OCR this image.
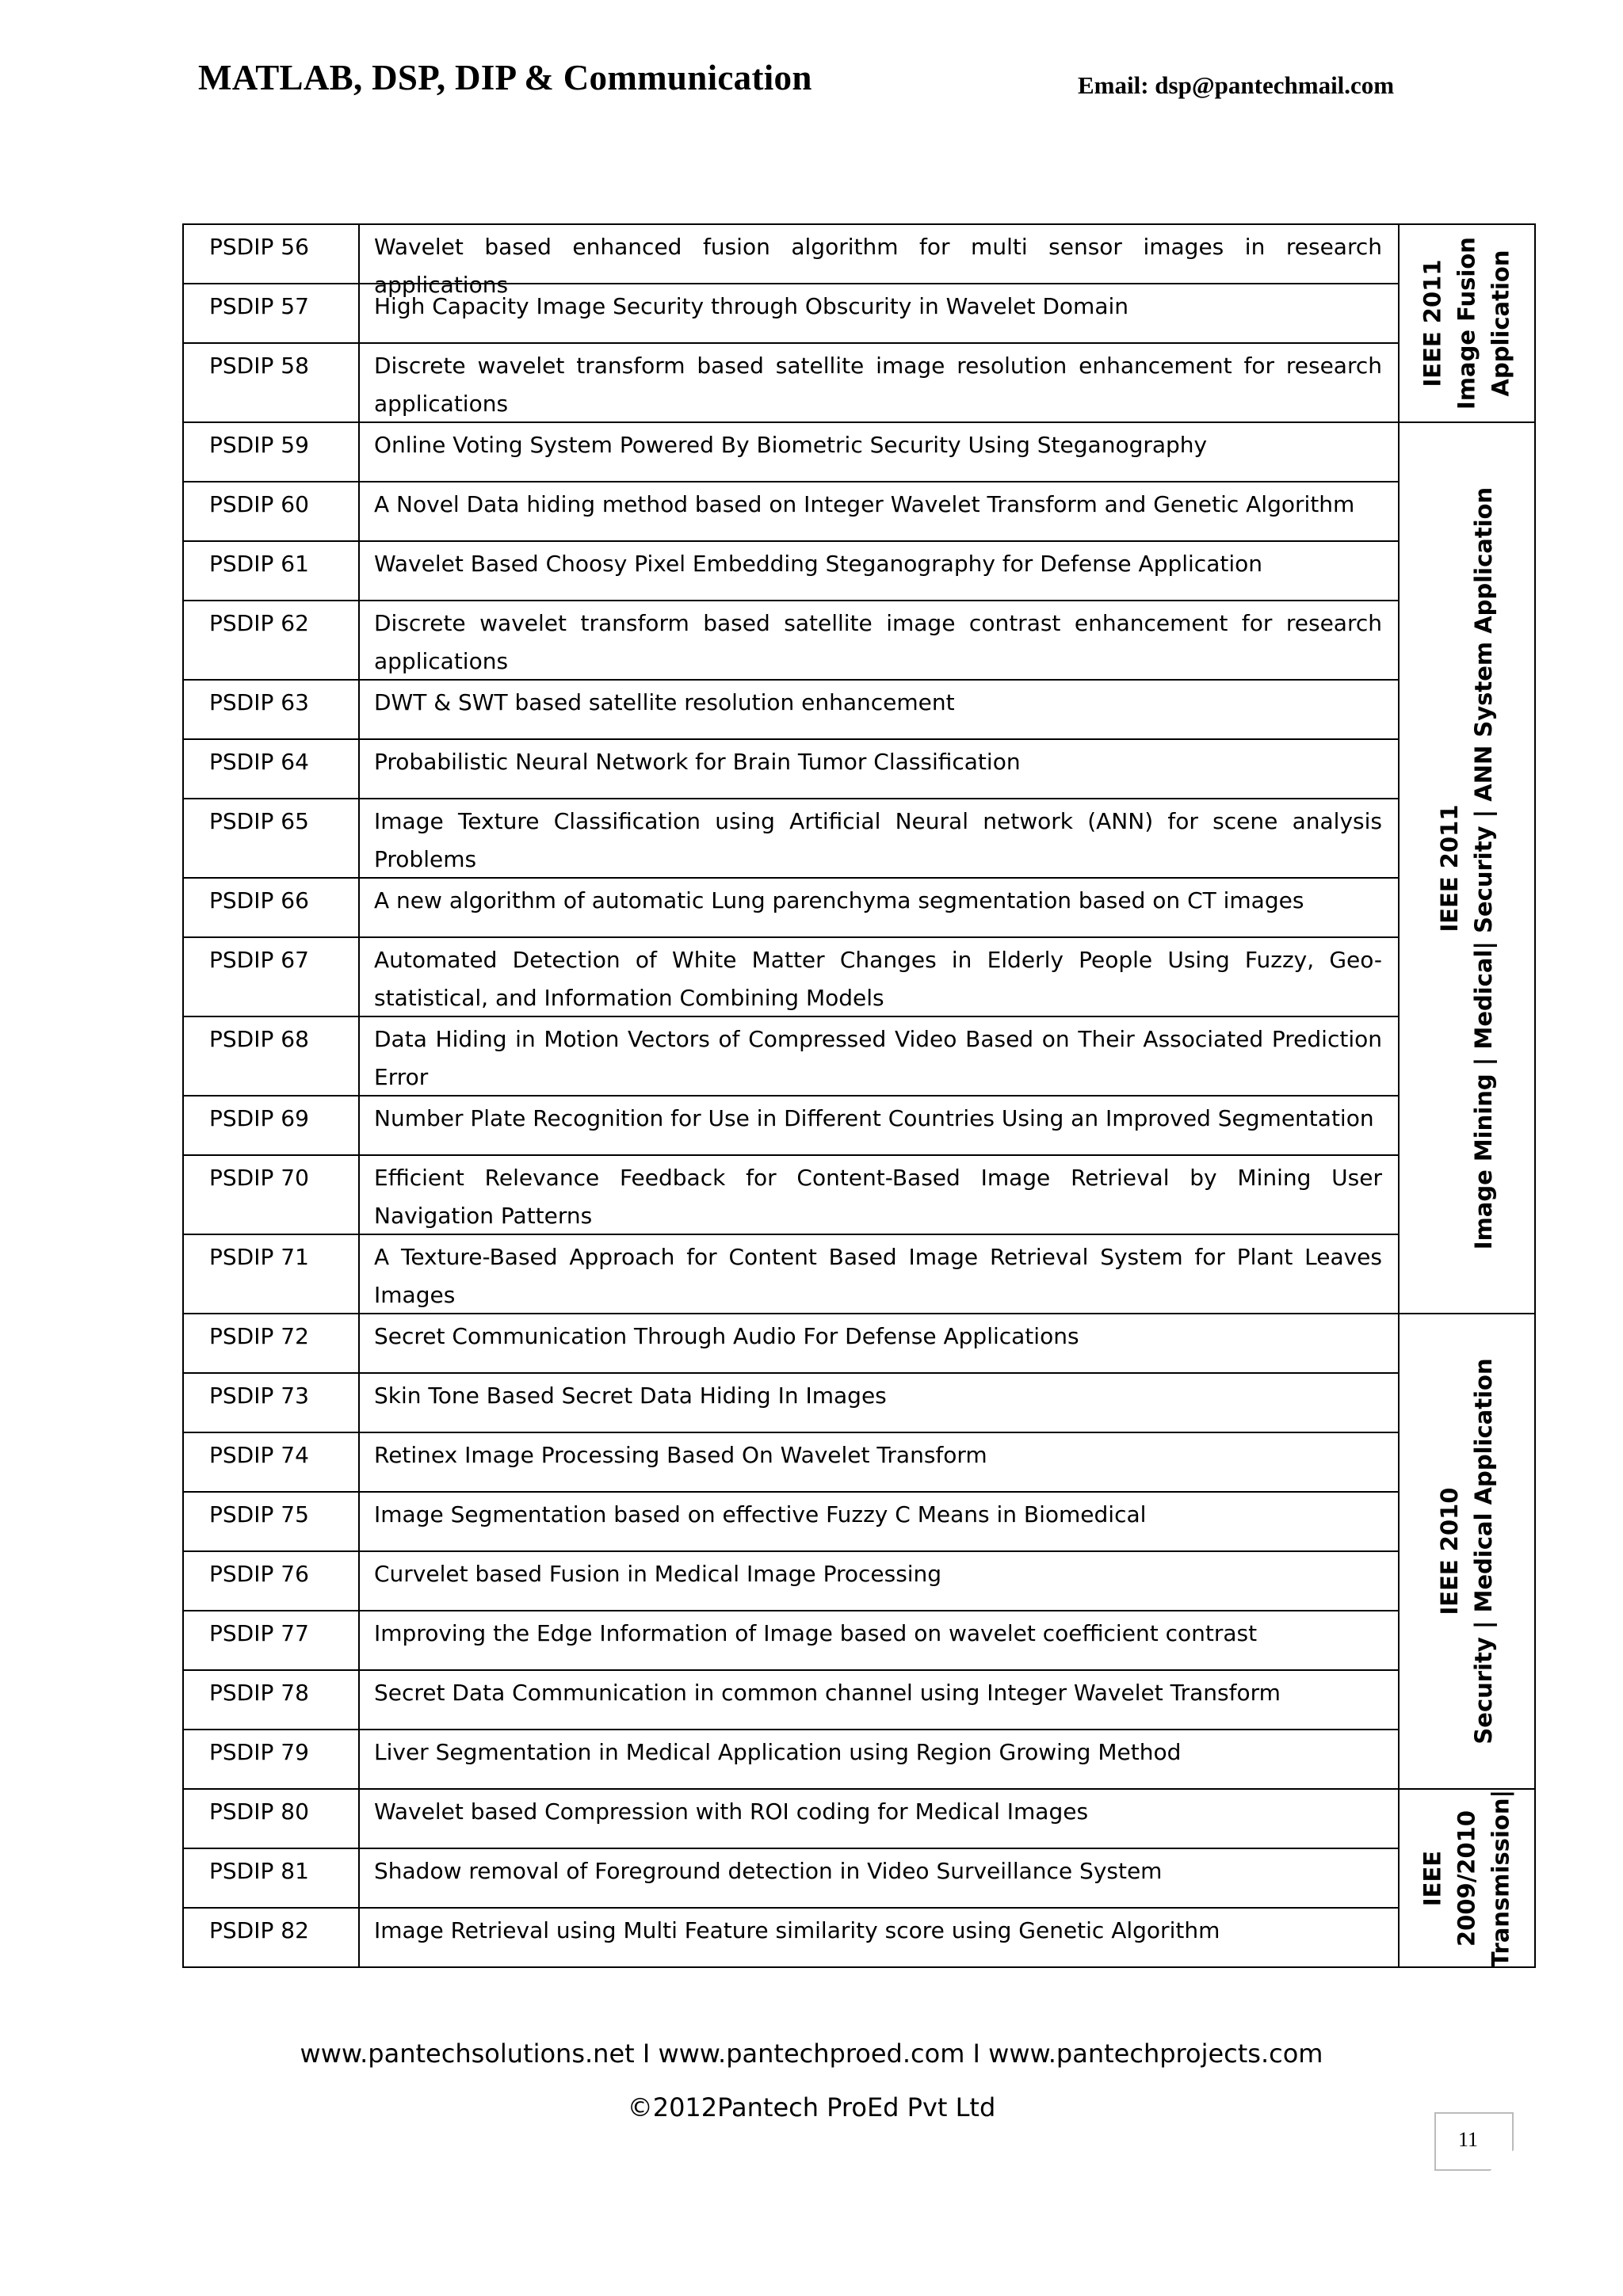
MATLAB, DSP, DIP & Communication	Email: dsp@pantechmail.com
PSDIP 56	Wavelet based enhanced fusion algorithm for multi sensor images in research applications	IEEE 2011 Image Fusion Application

PSDIP 57	High Capacity Image Security through Obscurity in Wavelet Domain	

PSDIP 58	Discrete wavelet transform based satellite image resolution enhancement for research applications	

PSDIP 59	Online Voting System Powered By Biometric Security Using Steganography	IEEE 2011 Image Mining | Medical| Security | ANN System Application

PSDIP 60	A Novel Data hiding method based on Integer Wavelet Transform and Genetic Algorithm	

PSDIP 61	Wavelet Based Choosy Pixel Embedding Steganography for Defense Application	

PSDIP 62	Discrete wavelet transform based satellite image contrast enhancement for research applications	

PSDIP 63	DWT & SWT based satellite resolution enhancement	

PSDIP 64	Probabilistic Neural Network for Brain Tumor Classification	

PSDIP 65	Image Texture Classification using Artificial Neural network (ANN) for scene analysis Problems	

PSDIP 66	A new algorithm of automatic Lung parenchyma segmentation based on CT images	

PSDIP 67	Automated Detection of White Matter Changes in Elderly People Using Fuzzy, Geo-statistical, and Information Combining Models	

PSDIP 68	Data Hiding in Motion Vectors of Compressed Video Based on Their Associated Prediction Error	

PSDIP 69	Number Plate Recognition for Use in Different Countries Using an Improved Segmentation	

PSDIP 70	Efficient Relevance Feedback for Content-Based Image Retrieval by Mining User Navigation Patterns	

PSDIP 71	A Texture-Based Approach for Content Based Image Retrieval System for Plant Leaves Images	

PSDIP 72	Secret Communication Through Audio For Defense Applications	IEEE 2010 Security | Medical Application

PSDIP 73	Skin Tone Based Secret Data Hiding In Images	

PSDIP 74	Retinex Image Processing Based On Wavelet Transform	

PSDIP 75	Image Segmentation based on effective Fuzzy C Means in Biomedical	

PSDIP 76	Curvelet based Fusion in Medical Image Processing	

PSDIP 77	Improving the Edge Information of Image based on wavelet coefficient contrast	

PSDIP 78	Secret Data Communication in common channel using Integer Wavelet Transform	

PSDIP 79	Liver Segmentation in Medical Application using Region Growing Method	

PSDIP 80	Wavelet based Compression with ROI coding for Medical Images	IEEE 2009/2010 Transmission|

PSDIP 81	Shadow removal of Foreground detection in Video Surveillance System	

PSDIP 82	Image Retrieval using Multi Feature similarity score using Genetic Algorithm	
www.pantechsolutions.net I www.pantechproed.com I www.pantechprojects.com
©2012Pantech ProEd Pvt Ltd
11
